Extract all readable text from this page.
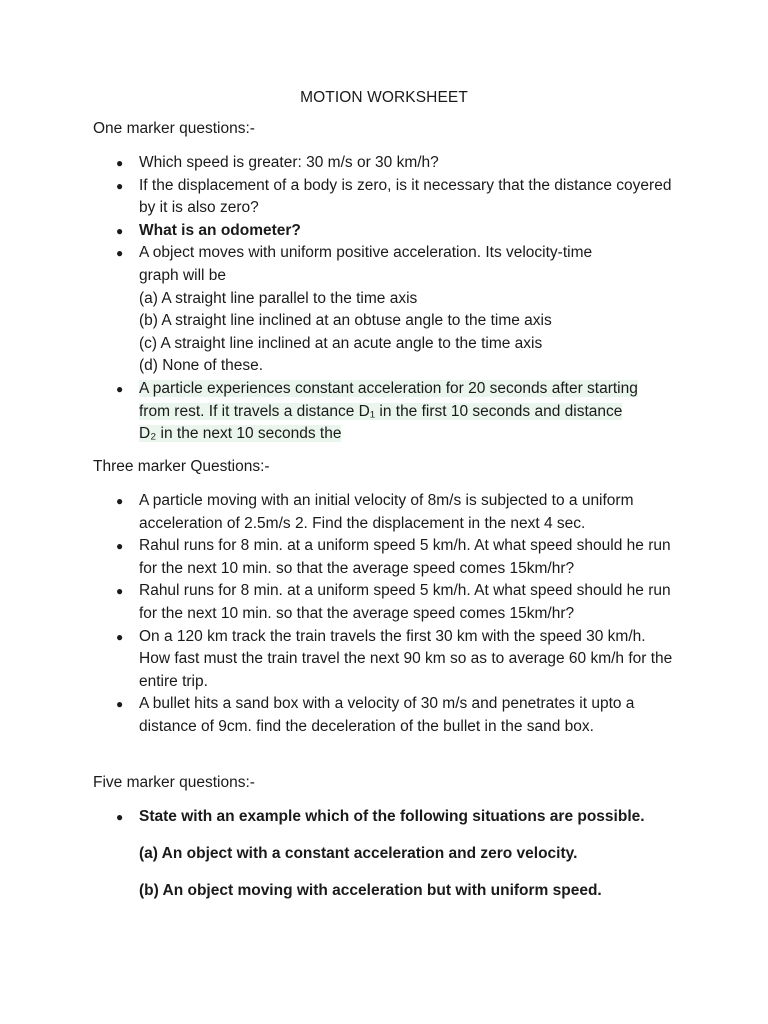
MOTION WORKSHEET
One marker questions:-
● Which speed is greater: 30 m/s or 30 km/h?
● If the displacement of a body is zero, is it necessary that the distance coyered by it is also zero?
● What is an odometer?
● A object moves with uniform positive acceleration. Its velocity-time
graph will be
(a) A straight line parallel to the time axis
(b) A straight line inclined at an obtuse angle to the time axis
(c) A straight line inclined at an acute angle to the time axis
(d) None of these.
● A particle experiences constant acceleration for 20 seconds after starting
from rest. If it travels a distance D₁ in the first 10 seconds and distance
D₂ in the next 10 seconds the
Three marker Questions:-
● A particle moving with an initial velocity of 8m/s is subjected to a uniform acceleration of 2.5m/s 2. Find the displacement in the next 4 sec.
● Rahul runs for 8 min. at a uniform speed 5 km/h. At what speed should he run for the next 10 min. so that the average speed comes 15km/hr?
● Rahul runs for 8 min. at a uniform speed 5 km/h. At what speed should he run for the next 10 min. so that the average speed comes 15km/hr?
● On a 120 km track the train travels the first 30 km with the speed 30 km/h. How fast must the train travel the next 90 km so as to average 60 km/h for the entire trip.
● A bullet hits a sand box with a velocity of 30 m/s and penetrates it upto a distance of 9cm. find the deceleration of the bullet in the sand box.
Five marker questions:-
● State with an example which of the following situations are possible.
(a) An object with a constant acceleration and zero velocity.
(b) An object moving with acceleration but with uniform speed.
